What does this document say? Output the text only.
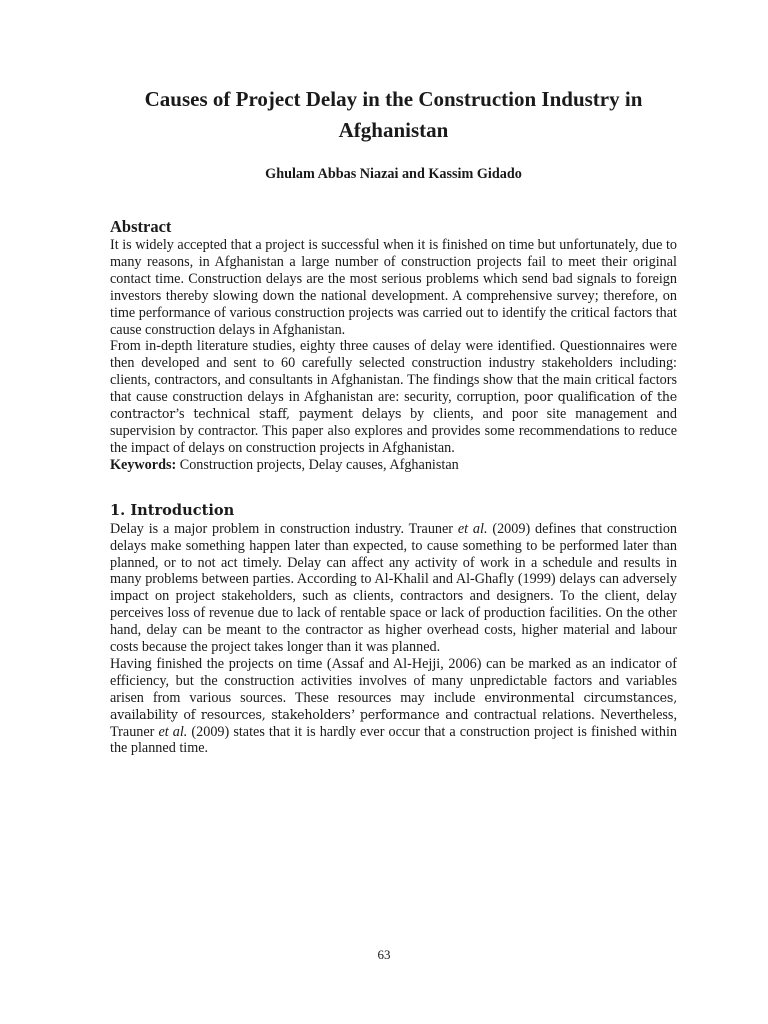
Causes of Project Delay in the Construction Industry in Afghanistan
Ghulam Abbas Niazai and Kassim Gidado
Abstract

It is widely accepted that a project is successful when it is finished on time but unfortunately, due to many reasons, in Afghanistan a large number of construction projects fail to meet their original contact time. Construction delays are the most serious problems which send bad signals to foreign investors thereby slowing down the national development. A comprehensive survey; therefore, on time performance of various construction projects was carried out to identify the critical factors that cause construction delays in Afghanistan.

From in-depth literature studies, eighty three causes of delay were identified. Questionnaires were then developed and sent to 60 carefully selected construction industry stakeholders including: clients, contractors, and consultants in Afghanistan. The findings show that the main critical factors that cause construction delays in Afghanistan are: security, corruption, poor qualification of the contractor’s technical staff, payment delays by clients, and poor site management and supervision by contractor. This paper also explores and provides some recommendations to reduce the impact of delays on construction projects in Afghanistan.

Keywords: Construction projects, Delay causes, Afghanistan

1. Introduction

Delay is a major problem in construction industry. Trauner et al. (2009) defines that construction delays make something happen later than expected, to cause something to be performed later than planned, or to not act timely. Delay can affect any activity of work in a schedule and results in many problems between parties. According to Al-Khalil and Al-Ghafly (1999) delays can adversely impact on project stakeholders, such as clients, contractors and designers. To the client, delay perceives loss of revenue due to lack of rentable space or lack of production facilities. On the other hand, delay can be meant to the contractor as higher overhead costs, higher material and labour costs because the project takes longer than it was planned.

Having finished the projects on time (Assaf and Al-Hejji, 2006) can be marked as an indicator of efficiency, but the construction activities involves of many unpredictable factors and variables arisen from various sources. These resources may include environmental circumstances, availability of resources, stakeholders’ performance and contractual relations. Nevertheless, Trauner et al. (2009) states that it is hardly ever occur that a construction project is finished within the planned time.

63
